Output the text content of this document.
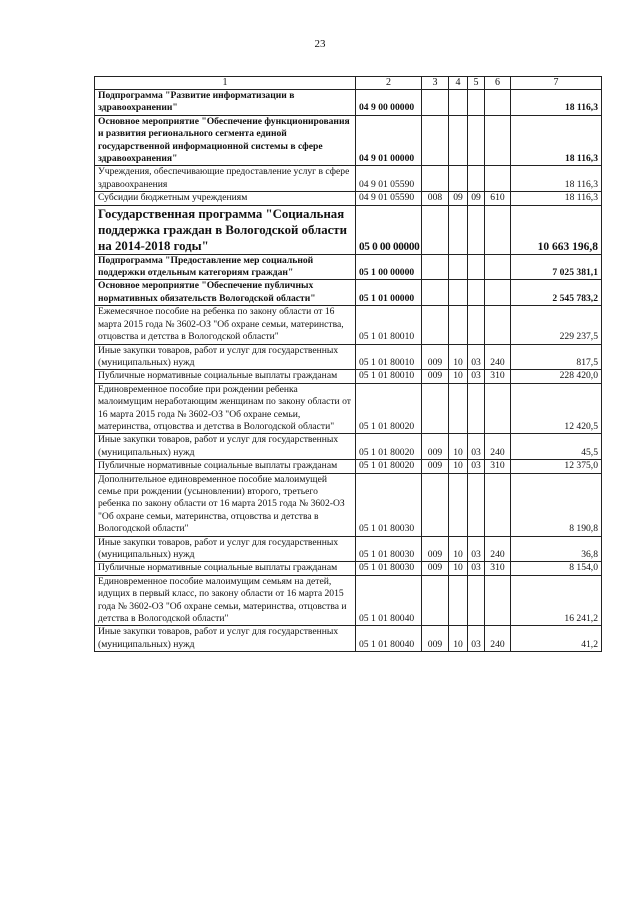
23
1	2	3	4	5	6	7
Подпрограмма "Развитие информатизации в здравоохранении"	04 9 00 00000					18 116,3
Основное мероприятие "Обеспечение функционирования и развития регионального сегмента единой государственной информационной системы в сфере здравоохранения"	04 9 01 00000					18 116,3
Учреждения, обеспечивающие предоставление услуг в сфере здравоохранения	04 9 01 05590					18 116,3
Субсидии бюджетным учреждениям	04 9 01 05590	008	09	09	610	18 116,3
Государственная программа "Социальная поддержка граждан в Вологодской области на 2014-2018 годы"	05 0 00 00000					10 663 196,8
Подпрограмма "Предоставление мер социальной поддержки отдельным категориям граждан"	05 1 00 00000					7 025 381,1
Основное мероприятие "Обеспечение публичных нормативных обязательств Вологодской области"	05 1 01 00000					2 545 783,2
Ежемесячное пособие на ребенка по закону области от 16 марта 2015 года № 3602-ОЗ "Об охране семьи, материнства, отцовства и детства в Вологодской области"	05 1 01 80010					229 237,5
Иные закупки товаров, работ и услуг для государственных (муниципальных) нужд	05 1 01 80010	009	10	03	240	817,5
Публичные нормативные социальные выплаты гражданам	05 1 01 80010	009	10	03	310	228 420,0
Единовременное пособие при рождении ребенка малоимущим неработающим женщинам по закону области от 16 марта 2015 года № 3602-ОЗ "Об охране семьи, материнства, отцовства и детства в Вологодской области"	05 1 01 80020					12 420,5
Иные закупки товаров, работ и услуг для государственных (муниципальных) нужд	05 1 01 80020	009	10	03	240	45,5
Публичные нормативные социальные выплаты гражданам	05 1 01 80020	009	10	03	310	12 375,0
Дополнительное единовременное пособие малоимущей семье при рождении (усыновлении) второго, третьего ребенка по закону области от 16 марта 2015 года № 3602-ОЗ "Об охране семьи, материнства, отцовства и детства в Вологодской области"	05 1 01 80030					8 190,8
Иные закупки товаров, работ и услуг для государственных (муниципальных) нужд	05 1 01 80030	009	10	03	240	36,8
Публичные нормативные социальные выплаты гражданам	05 1 01 80030	009	10	03	310	8 154,0
Единовременное пособие малоимущим семьям на детей, идущих в первый класс, по закону области от 16 марта 2015 года № 3602-ОЗ "Об охране семьи, материнства, отцовства и детства в Вологодской области"	05 1 01 80040					16 241,2
Иные закупки товаров, работ и услуг для государственных (муниципальных) нужд	05 1 01 80040	009	10	03	240	41,2
